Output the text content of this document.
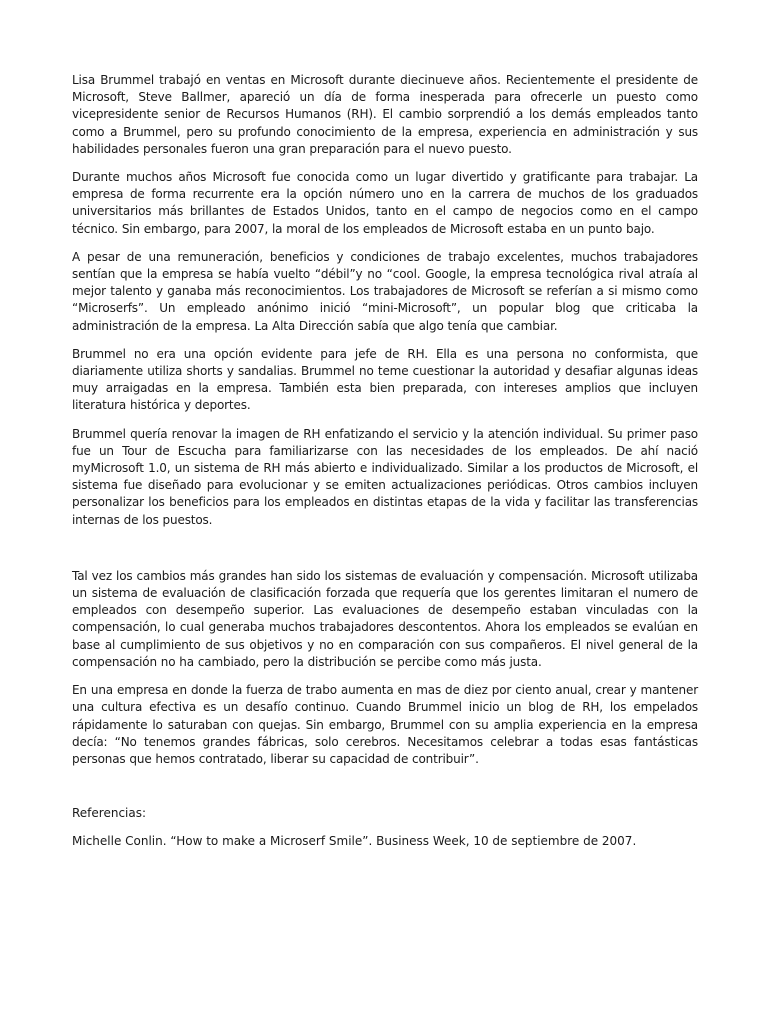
Lisa Brummel trabajó en ventas en Microsoft durante diecinueve años. Recientemente el presidente de Microsoft, Steve Ballmer, apareció un día de forma inesperada para ofrecerle un puesto como vicepresidente senior de Recursos Humanos (RH). El cambio sorprendió a los demás empleados tanto como a Brummel, pero su profundo conocimiento de la empresa, experiencia en administración y sus habilidades personales fueron una gran preparación para el nuevo puesto.

Durante muchos años Microsoft fue conocida como un lugar divertido y gratificante para trabajar. La empresa de forma recurrente era la opción número uno en la carrera de muchos de los graduados universitarios más brillantes de Estados Unidos, tanto en el campo de negocios como en el campo técnico. Sin embargo, para 2007, la moral de los empleados de Microsoft estaba en un punto bajo.

A pesar de una remuneración, beneficios y condiciones de trabajo excelentes, muchos trabajadores sentían que la empresa se había vuelto “débil”y no “cool. Google, la empresa tecnológica rival atraía al mejor talento y ganaba más reconocimientos. Los trabajadores de Microsoft se referían a si mismo como “Microserfs”. Un empleado anónimo inició “mini-Microsoft”, un popular blog que criticaba la administración de la empresa. La Alta Dirección sabía que algo tenía que cambiar.

Brummel no era una opción evidente para jefe de RH. Ella es una persona no conformista, que diariamente utiliza shorts y sandalias. Brummel no teme cuestionar la autoridad y desafiar algunas ideas muy arraigadas en la empresa. También esta bien preparada, con intereses amplios que incluyen literatura histórica y deportes.

Brummel quería renovar la imagen de RH enfatizando el servicio y la atención individual. Su primer paso fue un Tour de Escucha para familiarizarse con las necesidades de los empleados. De ahí nació myMicrosoft 1.0, un sistema de RH más abierto e individualizado. Similar a los productos de Microsoft, el sistema fue diseñado para evolucionar y se emiten actualizaciones periódicas. Otros cambios incluyen personalizar los beneficios para los empleados en distintas etapas de la vida y facilitar las transferencias internas de los puestos.

Tal vez los cambios más grandes han sido los sistemas de evaluación y compensación. Microsoft utilizaba un sistema de evaluación de clasificación forzada que requería que los gerentes limitaran el numero de empleados con desempeño superior. Las evaluaciones de desempeño estaban vinculadas con la compensación, lo cual generaba muchos trabajadores descontentos. Ahora los empleados se evalúan en base al cumplimiento de sus objetivos y no en comparación con sus compañeros. El nivel general de la compensación no ha cambiado, pero la distribución se percibe como más justa.

En una empresa en donde la fuerza de trabo aumenta en mas de diez por ciento anual, crear y mantener una cultura efectiva es un desafío continuo. Cuando Brummel inicio un blog de RH, los empelados rápidamente lo saturaban con quejas. Sin embargo, Brummel con su amplia experiencia en la empresa decía: “No tenemos grandes fábricas, solo cerebros. Necesitamos celebrar a todas esas fantásticas personas que hemos contratado, liberar su capacidad de contribuir”.

Referencias:

Michelle Conlin. “How to make a Microserf Smile”. Business Week, 10 de septiembre de 2007.
